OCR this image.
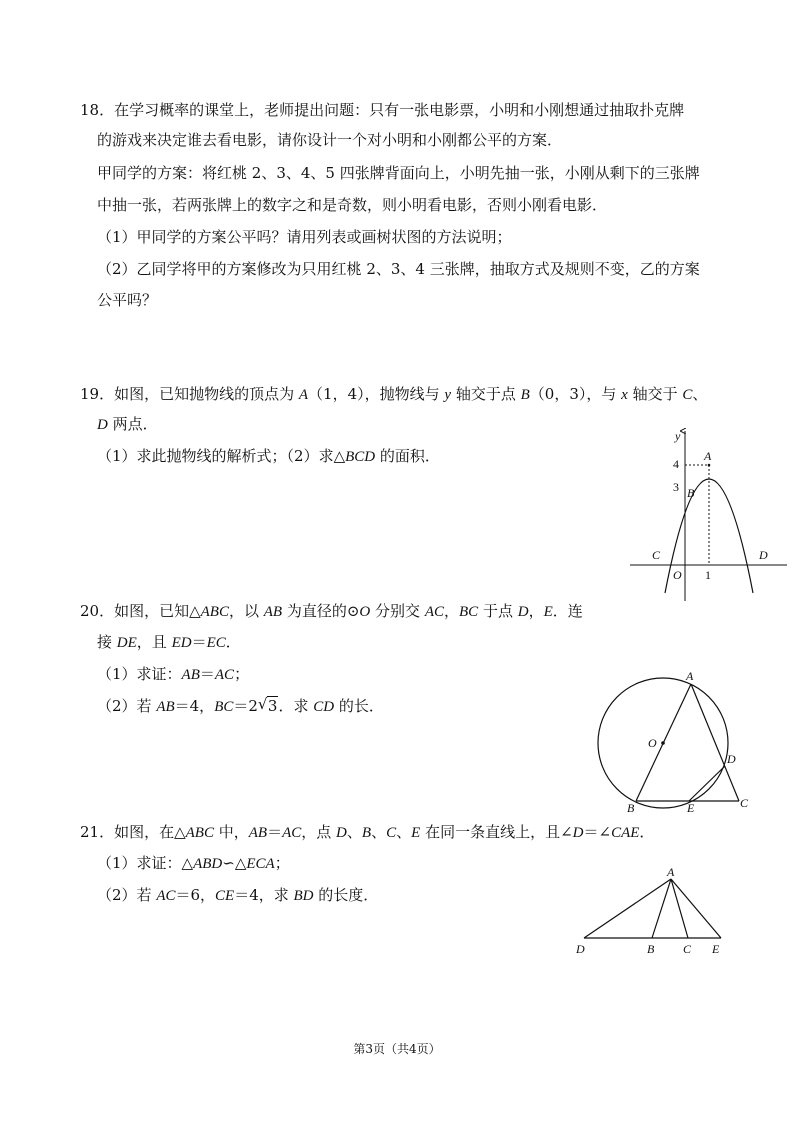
18．在学习概率的课堂上，老师提出问题：只有一张电影票，小明和小刚想通过抽取扑克牌
的游戏来决定谁去看电影，请你设计一个对小明和小刚都公平的方案．
甲同学的方案：将红桃 2、3、4、5 四张牌背面向上，小明先抽一张，小刚从剩下的三张牌
中抽一张，若两张牌上的数字之和是奇数，则小明看电影，否则小刚看电影．
（1）甲同学的方案公平吗？请用列表或画树状图的方法说明；
（2）乙同学将甲的方案修改为只用红桃 2、3、4 三张牌，抽取方式及规则不变，乙的方案
公平吗？
19．如图，已知抛物线的顶点为 A（1，4），抛物线与 y 轴交于点 B（0，3），与 x 轴交于 C、
D 两点．
（1）求此抛物线的解析式；（2）求△BCD 的面积．
y
A
4
3 B
C	D
O 1
20．如图，已知△ABC，以 AB 为直径的⊙O 分别交 AC，BC 于点 D，E．连
接 DE，且 ED＝EC．
（1）求证：AB＝AC；
（2）若 AB＝4，BC＝2 √ 3．求 CD 的长．
A
O
D
B	E	C
21．如图，在△ABC 中，AB＝AC，点 D、B、C、E 在同一条直线上，且∠D＝∠CAE．
（1）求证：△ABD∽△ECA；
（2）若 AC＝6，CE＝4，求 BD 的长度．
A
D	B C E
第3页（共4页）
